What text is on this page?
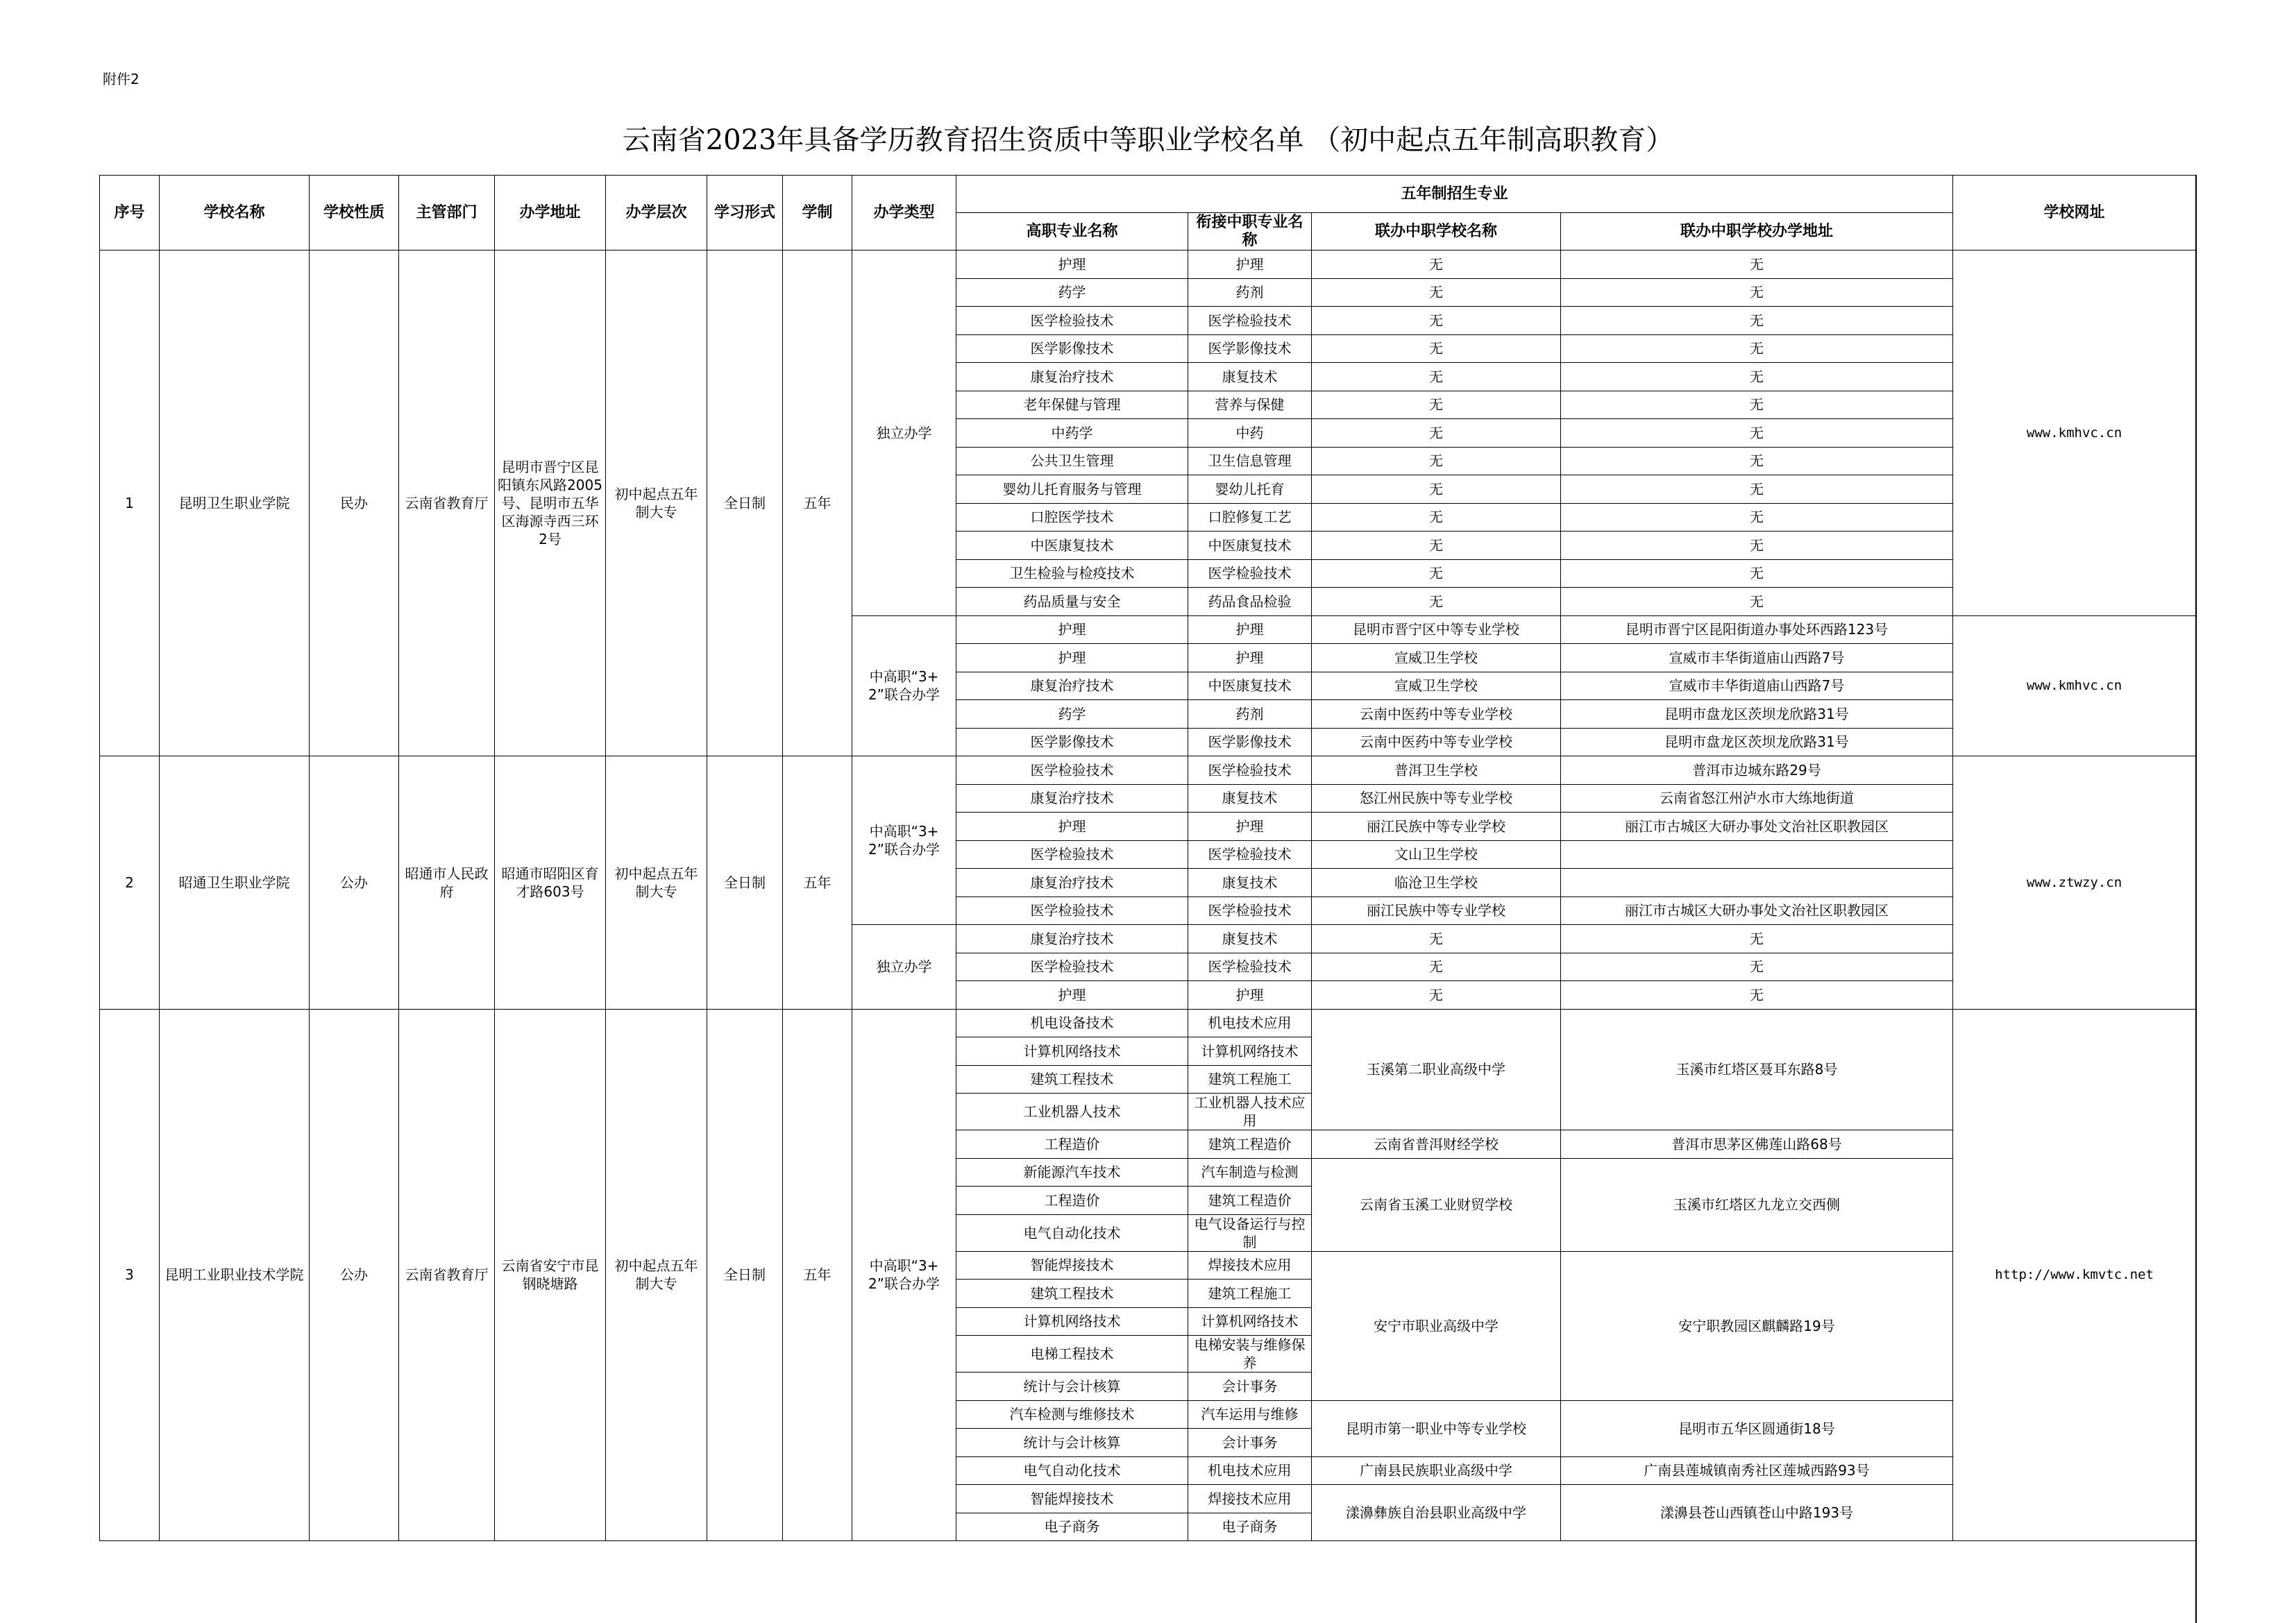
附件2
云南省2023年具备学历教育招生资质中等职业学校名单 （初中起点五年制高职教育）
序号	学校名称	学校性质	主管部门	办学地址	办学层次	学习形式	学制	办学类型	五年制招生专业				学校网址
									高职专业名称	衔接中职专业名称	联办中职学校名称	联办中职学校办学地址	
1	昆明卫生职业学院	民办	云南省教育厅	昆明市晋宁区昆阳镇东风路2005号、昆明市五华区海源寺西三环2号	初中起点五年制大专	全日制	五年	独立办学	护理	护理	无	无	www.kmhvc.cn
									药学	药剂	无	无	
									医学检验技术	医学检验技术	无	无	
									医学影像技术	医学影像技术	无	无	
									康复治疗技术	康复技术	无	无	
									老年保健与管理	营养与保健	无	无	
									中药学	中药	无	无	
									公共卫生管理	卫生信息管理	无	无	
									婴幼儿托育服务与管理	婴幼儿托育	无	无	
									口腔医学技术	口腔修复工艺	无	无	
									中医康复技术	中医康复技术	无	无	
									卫生检验与检疫技术	医学检验技术	无	无	
									药品质量与安全	药品食品检验	无	无	
								中高职“3+2”联合办学	护理	护理	昆明市晋宁区中等专业学校	昆明市晋宁区昆阳街道办事处环西路123号	www.kmhvc.cn
									护理	护理	宣威卫生学校	宣威市丰华街道庙山西路7号	
									康复治疗技术	中医康复技术	宣威卫生学校	宣威市丰华街道庙山西路7号	
									药学	药剂	云南中医药中等专业学校	昆明市盘龙区茨坝龙欣路31号	
									医学影像技术	医学影像技术	云南中医药中等专业学校	昆明市盘龙区茨坝龙欣路31号	
2	昭通卫生职业学院	公办	昭通市人民政府	昭通市昭阳区育才路603号	初中起点五年制大专	全日制	五年	中高职“3+2”联合办学	医学检验技术	医学检验技术	普洱卫生学校	普洱市边城东路29号	www.ztwzy.cn
									康复治疗技术	康复技术	怒江州民族中等专业学校	云南省怒江州泸水市大练地街道	
									护理	护理	丽江民族中等专业学校	丽江市古城区大研办事处文治社区职教园区	
									医学检验技术	医学检验技术	文山卫生学校		
									康复治疗技术	康复技术	临沧卫生学校		
									医学检验技术	医学检验技术	丽江民族中等专业学校	丽江市古城区大研办事处文治社区职教园区	
								独立办学	康复治疗技术	康复技术	无	无	
									医学检验技术	医学检验技术	无	无	
									护理	护理	无	无	
3	昆明工业职业技术学院	公办	云南省教育厅	云南省安宁市昆钢晓塘路	初中起点五年制大专	全日制	五年	中高职“3+2”联合办学	机电设备技术	机电技术应用	玉溪第二职业高级中学	玉溪市红塔区聂耳东路8号	http://www.kmvtc.net
									计算机网络技术	计算机网络技术			
									建筑工程技术	建筑工程施工			
									工业机器人技术	工业机器人技术应用			
									工程造价	建筑工程造价	云南省普洱财经学校	普洱市思茅区佛莲山路68号	
									新能源汽车技术	汽车制造与检测	云南省玉溪工业财贸学校	玉溪市红塔区九龙立交西侧	
									工程造价	建筑工程造价			
									电气自动化技术	电气设备运行与控制			
									智能焊接技术	焊接技术应用	安宁市职业高级中学	安宁职教园区麒麟路19号	
									建筑工程技术	建筑工程施工			
									计算机网络技术	计算机网络技术			
									电梯工程技术	电梯安装与维修保养			
									统计与会计核算	会计事务			
									汽车检测与维修技术	汽车运用与维修	昆明市第一职业中等专业学校	昆明市五华区圆通街18号	
									统计与会计核算	会计事务			
									电气自动化技术	机电技术应用	广南县民族职业高级中学	广南县莲城镇南秀社区莲城西路93号	
									智能焊接技术	焊接技术应用	漾濞彝族自治县职业高级中学	漾濞县苍山西镇苍山中路193号	
									电子商务	电子商务			
